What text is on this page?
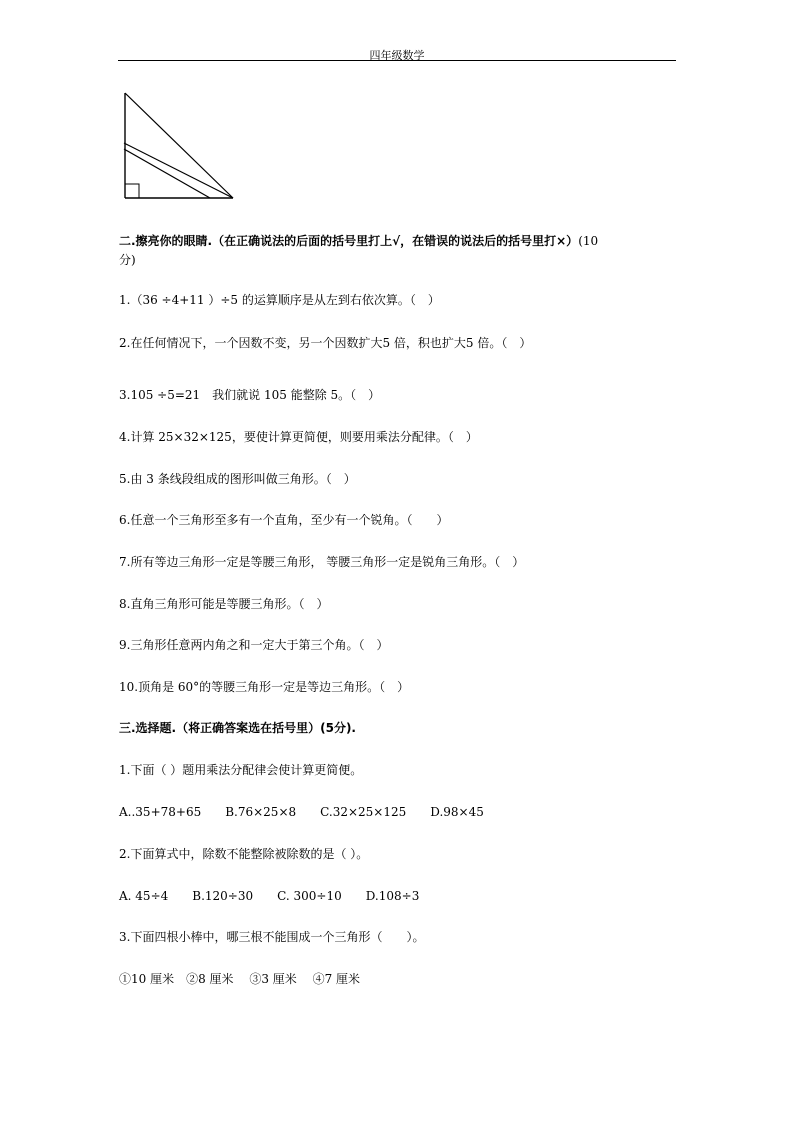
四年级数学
二.擦亮你的眼睛.（在正确说法的后面的括号里打上√，在错误的说法后的括号里打×）(10
分)
1.（36 ÷4+11 ）÷5 的运算顺序是从左到右依次算。（　）
2.在任何情况下，一个因数不变，另一个因数扩大5 倍，积也扩大5 倍。（　）
3.105 ÷5=21　我们就说 105 能整除 5。（　）
4.计算 25×32×125，要使计算更简便，则要用乘法分配律。（　）
5.由 3 条线段组成的图形叫做三角形。（　）
6.任意一个三角形至多有一个直角，至少有一个锐角。（　　）
7.所有等边三角形一定是等腰三角形， 等腰三角形一定是锐角三角形。（　）
8.直角三角形可能是等腰三角形。（　）
9.三角形任意两内角之和一定大于第三个角。（　）
10.顶角是 60°的等腰三角形一定是等边三角形。（　）
三.选择题.（将正确答案选在括号里）(5分).
1.下面（ ）题用乘法分配律会使计算更简便。
A..35+78+65　　B.76×25×8　　C.32×25×125　　D.98×45
2.下面算式中，除数不能整除被除数的是（ ）。
A. 45÷4　　B.120÷30　　C. 300÷10　　D.108÷3
3.下面四根小棒中，哪三根不能围成一个三角形（　　）。
①10 厘米　②8 厘米　 ③3 厘米　 ④7 厘米
